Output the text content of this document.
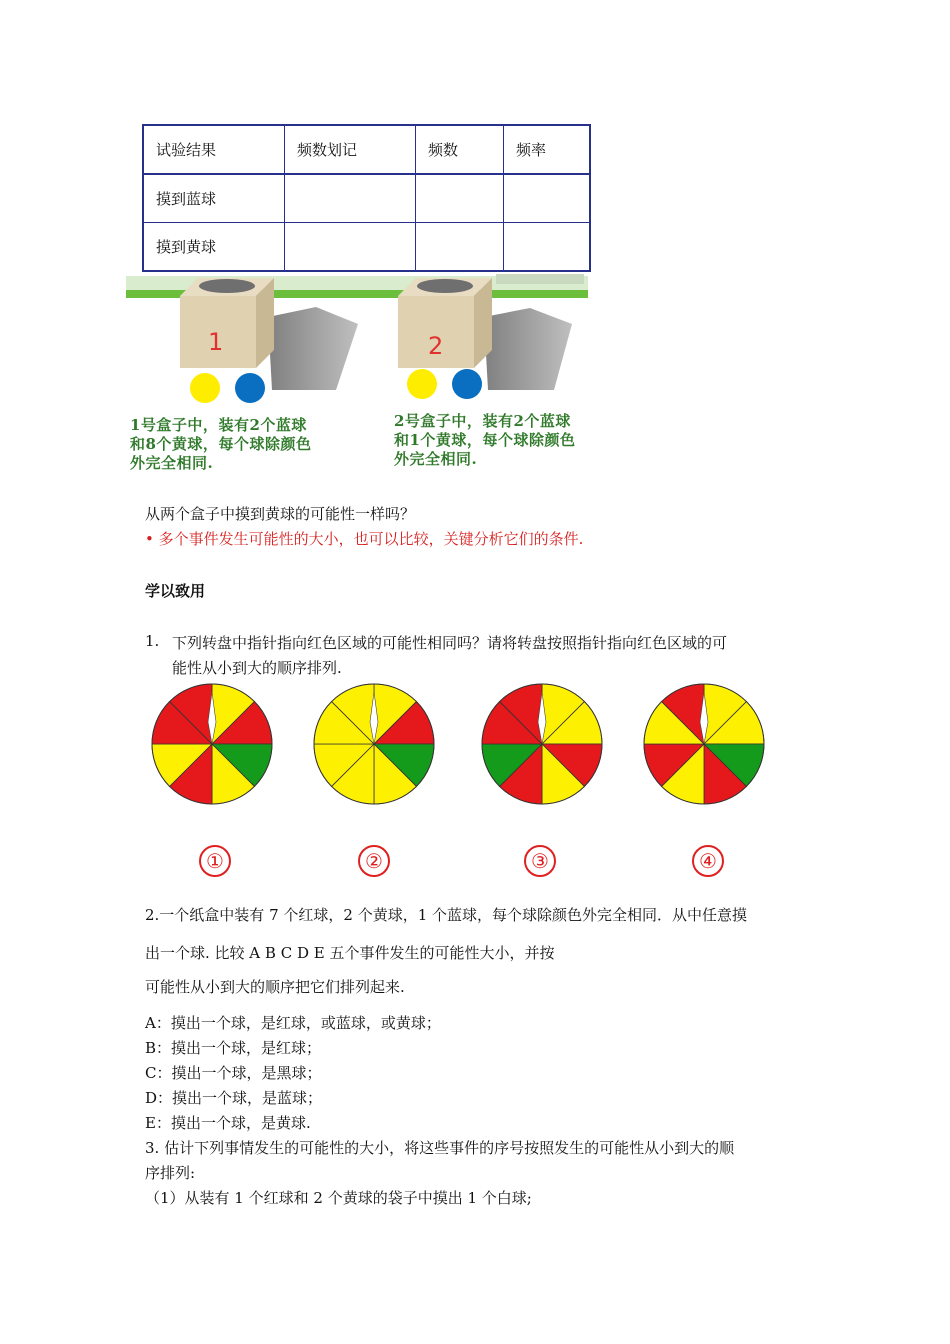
试验结果	频数划记	频数	频率
摸到蓝球			
摸到黄球			
1	2
1号盒子中，装有2个蓝球
和8个黄球，每个球除颜色
外完全相同.
2号盒子中，装有2个蓝球
和1个黄球，每个球除颜色
外完全相同.
从两个盒子中摸到黄球的可能性一样吗？
• 多个事件发生可能性的大小，也可以比较，关键分析它们的条件.
学以致用
1. 下列转盘中指针指向红色区域的可能性相同吗？请将转盘按照指针指向红色区域的可
能性从小到大的顺序排列.
①	②	③	④
2.一个纸盒中装有 7 个红球，2 个黄球，1 个蓝球，每个球除颜色外完全相同．从中任意摸
出一个球. 比较 A B C D E 五个事件发生的可能性大小，并按
可能性从小到大的顺序把它们排列起来.
A：摸出一个球，是红球，或蓝球，或黄球；
B：摸出一个球，是红球；
C：摸出一个球，是黑球；
D：摸出一个球，是蓝球；
E：摸出一个球，是黄球.
3. 估计下列事情发生的可能性的大小，将这些事件的序号按照发生的可能性从小到大的顺
序排列:
（1）从装有 1 个红球和 2 个黄球的袋子中摸出 1 个白球;
